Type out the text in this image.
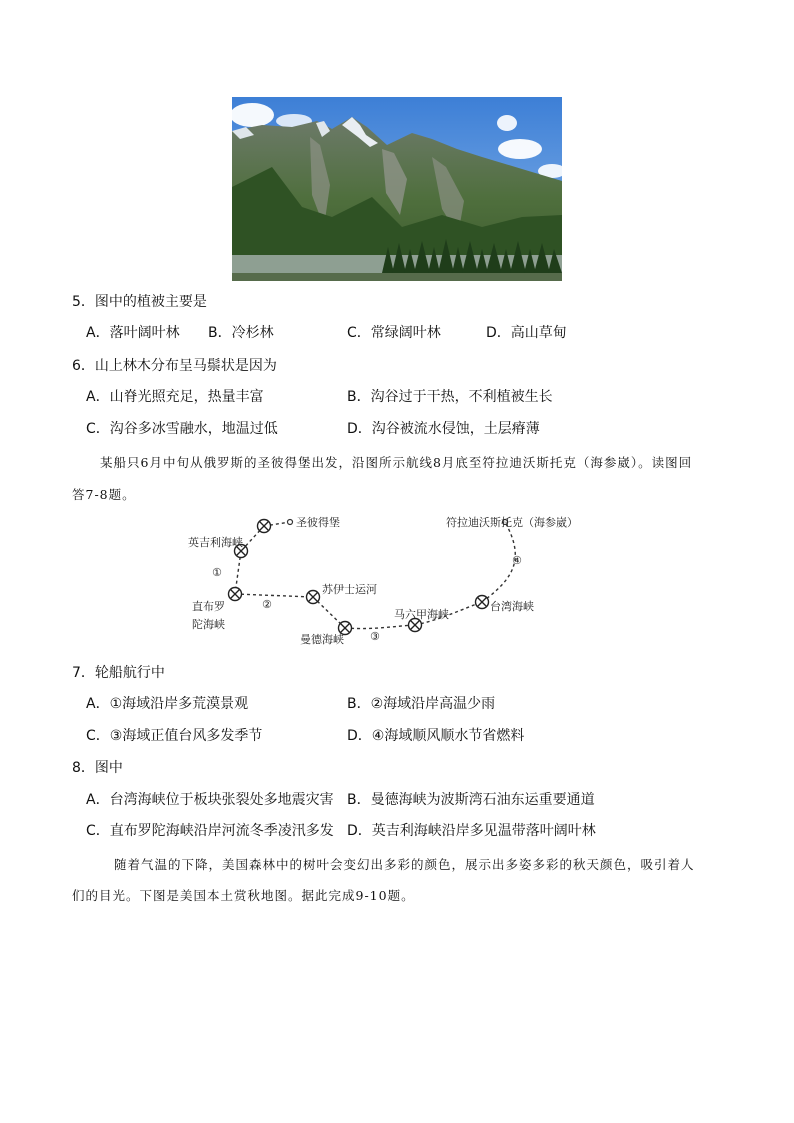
5．图中的植被主要是
A．落叶阔叶林 B．冷杉林	C．常绿阔叶林	D．高山草甸
6．山上林木分布呈马鬃状是因为
A．山脊光照充足，热量丰富	B．沟谷过于干热，不利植被生长
C．沟谷多冰雪融水，地温过低	D．沟谷被流水侵蚀，土层瘠薄
某船只6月中旬从俄罗斯的圣彼得堡出发，沿图所示航线8月底至符拉迪沃斯托克（海参崴）。读图回
答7-8题。
圣彼得堡
英吉利海峡
直布罗
陀海峡
苏伊士运河
曼德海峡
马六甲海峡
台湾海峡
符拉迪沃斯托克（海参崴）
①
②
③
④
7．轮船航行中
A．①海域沿岸多荒漠景观	B．②海域沿岸高温少雨
C．③海域正值台风多发季节	D．④海域顺风顺水节省燃料
8．图中
A．台湾海峡位于板块张裂处多地震灾害 B．曼德海峡为波斯湾石油东运重要通道
C．直布罗陀海峡沿岸河流冬季凌汛多发 D．英吉利海峡沿岸多见温带落叶阔叶林
随着气温的下降，美国森林中的树叶会变幻出多彩的颜色，展示出多姿多彩的秋天颜色，吸引着人
们的目光。下图是美国本土赏秋地图。据此完成9-10题。
